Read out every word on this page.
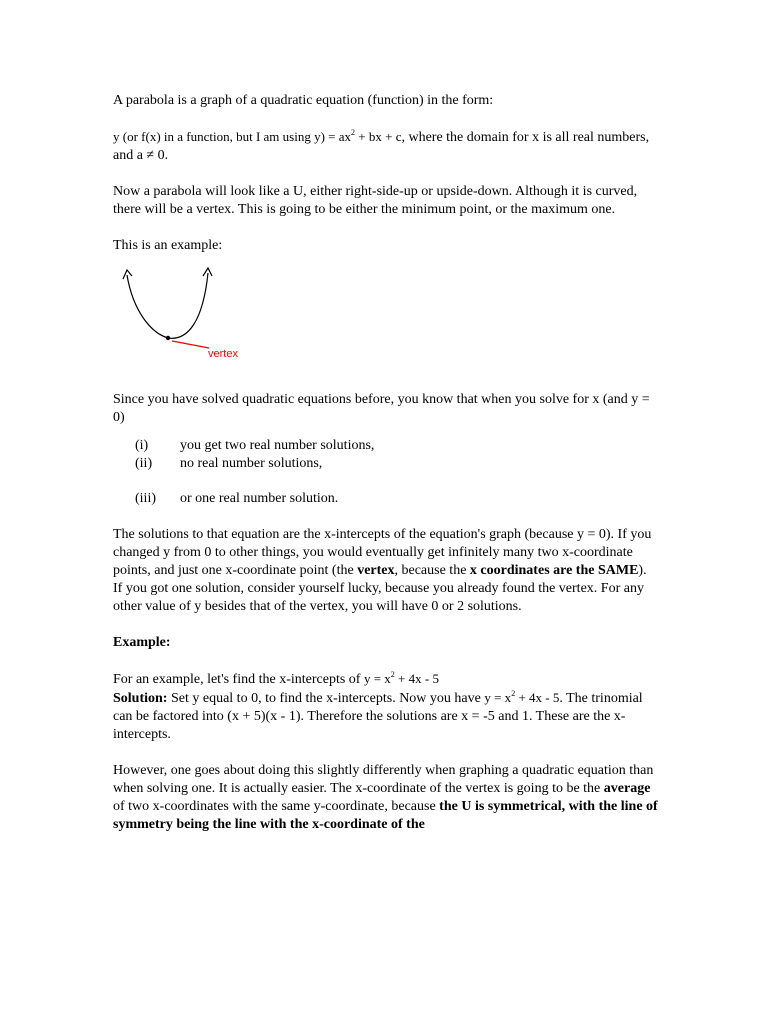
A parabola is a graph of a quadratic equation (function) in the form:

y (or f(x) in a function, but I am using $y) = ax^2$ + bx + c, where the domain for x is all real numbers, and a ≠ 0.

Now a parabola will look like a U, either right-side-up or upside-down. Although it is curved, there will be a vertex. This is going to be either the minimum point, or the maximum one.

This is an example:

vertex

Since you have solved quadratic equations before, you know that when you solve for x (and y = 0)

(i)	you get two real number solutions,
(ii)	no real number solutions,
(iii)	or one real number solution.

The solutions to that equation are the x-intercepts of the equation's graph (because y = 0). If you changed y from 0 to other things, you would eventually get infinitely many two x-coordinate points, and just one x-coordinate point (the vertex, because the x coordinates are the SAME). If you got one solution, consider yourself lucky, because you already found the vertex. For any other value of y besides that of the vertex, you will have 0 or 2 solutions.

Example:

For an example, let's find the x-intercepts of $y = x^2 + 4x - 5$

Solution: Set y equal to 0, to find the x-intercepts. Now you have $y = x^2 + 4x - 5$. The trinomial can be factored into (x + 5)(x - 1). Therefore the solutions are x = -5 and 1. These are the x-intercepts.

However, one goes about doing this slightly differently when graphing a quadratic equation than when solving one. It is actually easier. The x-coordinate of the vertex is going to be the average of two x-coordinates with the same y-coordinate, because the U is symmetrical, with the line of symmetry being the line with the x-coordinate of the
